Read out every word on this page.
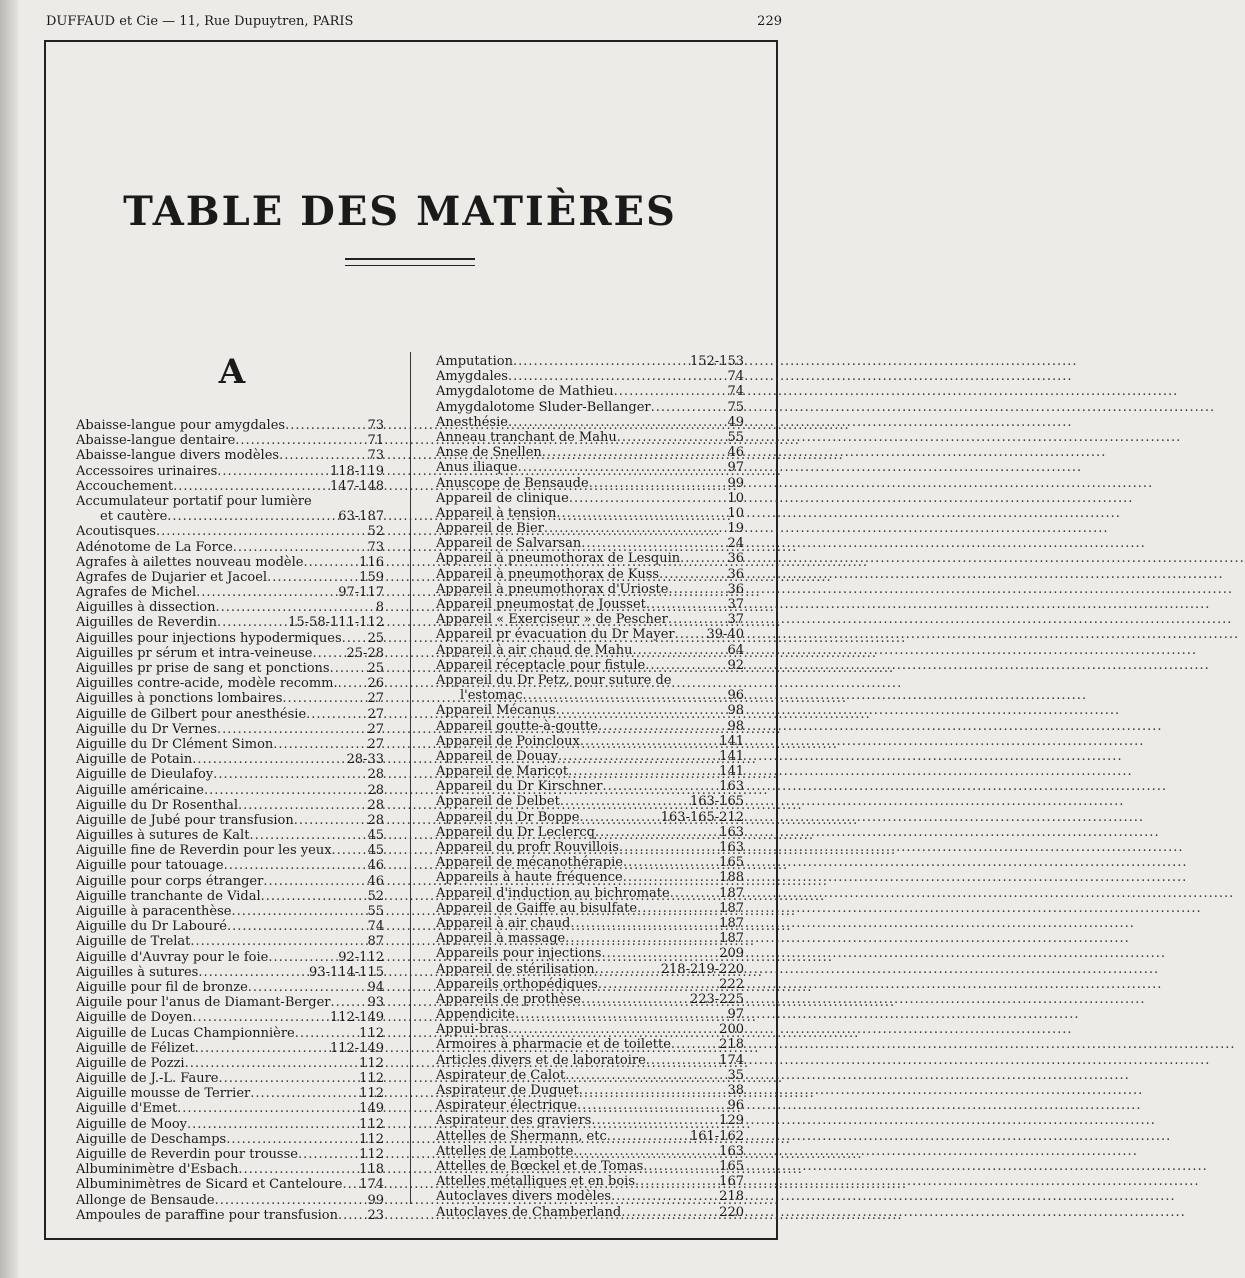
DUFFAUD et Cie — 11, Rue Dupuytren, PARIS	229
TABLE DES MATIÈRES
A
Abaisse-langue pour amygdales .....	73
Abaisse-langue dentaire .....	71
Abaisse-langue divers modèles .....	73
Accessoires urinaires .....	118-119
Accouchement .....	147-148
Accumulateur portatif pour lumière
et cautère .....	63-187
Acoutisques .....	52
Adénotome de La Force .....	73
Agrafes à ailettes nouveau modèle .....	116
Agrafes de Dujarier et Jacoel .....	159
Agrafes de Michel .....	97-117
Aiguilles à dissection .....	8
Aiguilles de Reverdin .....	15-58-111-112
Aiguilles pour injections hypodermiques ..... 25
Aiguilles pr sérum et intra-veineuse .....	25-28
Aiguilles pr prise de sang et ponctions .....	25
Aiguilles contre-acide, modèle recomm. ..... 26
Aiguilles à ponctions lombaires .....	27
Aiguille de Gilbert pour anesthésie .....	27
Aiguille du Dr Vernes .....	27
Aiguille du Dr Clément Simon .....	27
Aiguille de Potain .....	28-33
Aiguille de Dieulafoy .....	28
Aiguille américaine .....	28
Aiguille du Dr Rosenthal .....	28
Aiguille de Jubé pour transfusion .....	28
Aiguilles à sutures de Kalt .....	45
Aiguille fine de Reverdin pour les yeux .....	45
Aiguille pour tatouage .....	46
Aiguille pour corps étranger .....	46
Aiguille tranchante de Vidal .....	52
Aiguille à paracenthèse .....	55
Aiguille du Dr Labouré .....	74
Aiguille de Trelat .....	87
Aiguille d'Auvray pour le foie .....	92-112
Aiguilles à sutures .....	93-114-115
Aiguille pour fil de bronze .....	94
Aiguile pour l'anus de Diamant-Berger .....	93
Aiguille de Doyen .....	112-149
Aiguille de Lucas Championnière .....	112
Aiguille de Félizet .....	112-149
Aiguille de Pozzi .....	112
Aiguille de J.-L. Faure .....	112
Aiguille mousse de Terrier .....	112
Aiguille d'Emet .....	149
Aiguille de Mooy .....	112
Aiguille de Deschamps .....	112
Aiguille de Reverdin pour trousse .....	112
Albuminimètre d'Esbach .....	118
Albuminimètres de Sicard et Canteloure ..... 174
Allonge de Bensaude .....	99
Ampoules de paraffine pour transfusion ..... 23
Amputation .....	152-153
Amygdales .....	74
Amygdalotome de Mathieu .....	74
Amygdalotome Sluder-Bellanger .....	75
Anesthésie .....	49
Anneau tranchant de Mahu .....	55
Anse de Snellen .....	46
Anus iliaque .....	97
Anuscope de Bensaude .....	99
Appareil de clinique .....	10
Appareil à tension .....	10
Appareil de Bier .....	19
Appareil de Salvarsan .....	24
Appareil à pneumothorax de Lesquin .....	36
Appareil à pneumothorax de Kuss .....	36
Appareil à pneumothorax d'Urioste .....	36
Appareil pneumostat de Jousset .....	37
Appareil « Exerciseur » de Pescher .....	37
Appareil pr évacuation du Dr Mayer ..... 39-40
Appareil à air chaud de Mahu .....	64
Appareil réceptacle pour fistule .....	92
Appareil du Dr Petz, pour suture de
l'estomac .....	96
Appareil Mécanus .....	98
Appareil goutte-à-goutte .....	98
Appareil de Poincloux .....	141
Appareil de Douay .....	141
Appareil de Maricot .....	141
Appareil du Dr Kirschner .....	163
Appareil de Delbet .....	163-165
Appareil du Dr Boppe .....	163-165-212
Appareil du Dr Leclercq .....	163
Appareil du profr Rouvillois .....	163
Appareil de mécanothérapie .....	165
Appareils à haute fréquence .....	188
Appareil d'induction au bichromate .....	187
Appareil de Gaiffe au bisulfate .....	187
Appareil à air chaud .....	187
Appareil à massage .....	187
Appareils pour injections .....	209
Appareil de stérilisation .....	218-219-220
Appareils orthopédiques .....	222
Appareils de prothèse .....	223-225
Appendicite .....	97
Appui-bras .....	200
Armoires à pharmacie et de toilette .....	218
Articles divers et de laboratoire .....	174
Aspirateur de Calot .....	35
Aspirateur de Duguet .....	38
Aspirateur électrique .....	96
Aspirateur des graviers .....	129
Attelles de Shermann, etc .....	161-162
Attelles de Lambotte .....	163
Attelles de Bœckel et de Tomas .....	165
Attelles métalliques et en bois .....	167
Autoclaves divers modèles .....	218
Autoclaves de Chamberland .....	220
